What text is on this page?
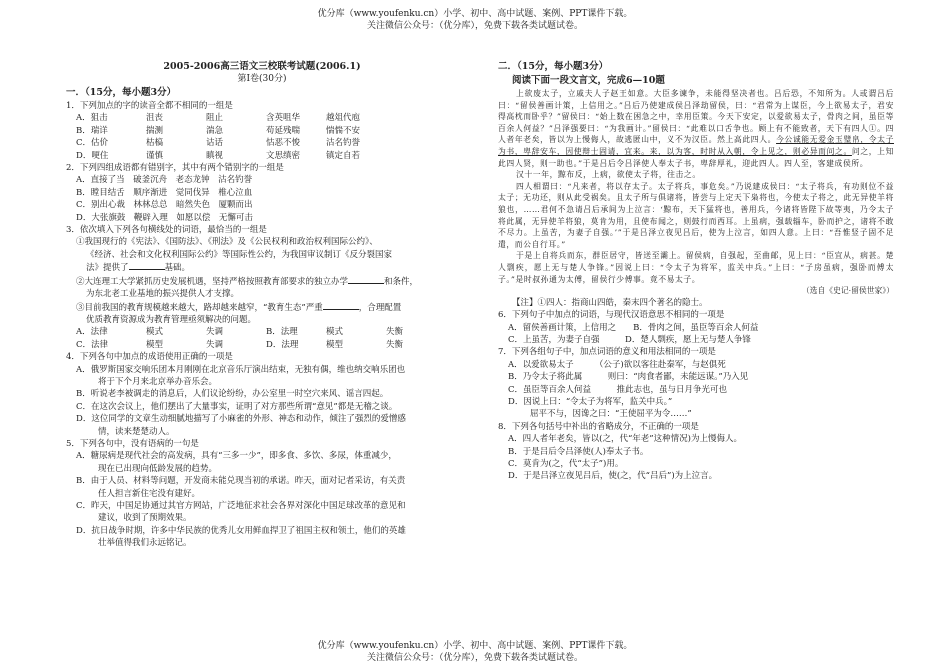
优分库（www.youfenku.cn）小学、初中、高中试题、案例、PPT课件下载。
关注微信公众号：（优分库），免费下载各类试题试卷。
2005-2006高三语文三校联考试题(2006.1)
第Ⅰ卷(30分)
一．（15分，每小题3分）

1．下列加点的字的读音全都不相同的一组是

A．狙击	沮丧	阻止	含英咀华	越俎代庖
B．瑞详	揣测	湍急	苟延残喘	惴惴不安
C．估价	枯槁	诂话	怙恶不悛	沽名钓誉
D．哽住	谨慎	瞋视	文思缜密	镇定自若

2．下列四组成语都有错别字，其中有两个错别字的一组是

A．直接了当　破釜沉舟　老态龙钟　沽名钓誉
B．瞠目结舌　顺序渐进　觉同伐异　椎心泣血
C．别出心裁　林林总总　暗然失色　厦颗而出
D．大张旗鼓　鞭辟入理　如愿以偿　无懈可击

3．依次填入下列各句横线处的词语，最恰当的一组是

①我国现行的《宪法》、《国防法》、《刑法》及《公民权利和政治权利国际公约》、
《经济、社会和文化权利国际公约》等国际性公约，为我国审议制订《反分裂国家
法》提供了	基础。
②大连理工大学紧抓历史发展机遇，坚持严格按照教育部要求的独立办学	和条件，
为东北老工业基地的振兴提供人才支撑。
③目前我国的教育规模越来越大，路却越来越窄，“教育生态”严重	，合理配置
优质教育资源成为教育管理亟须解决的问题。
A．法律	模式	失调	B．法理	模式	失衡
C．法律	模型	失调	D．法理	模型	失衡

4．下列各句中加点的成语使用正确的一项是

A．俄罗斯国家交响乐团本月刚刚在北京音乐厅演出结束，无独有偶，维也纳交响乐团也
将于下个月来北京举办音乐会。
B．听说老李被调走的消息后，人们议论纷纷，办公室里一时空穴来风、谣言四起。
C．在这次会议上，他们摆出了大量事实，证明了对方那些所谓“意见”都是无稽之谈。
D．这位同学的文章生动细腻地描写了小麻雀的外形、神态和动作，倾注了强烈的爱憎感
情，读来楚楚动人。

5．下列各句中，没有语病的一句是

A．糖尿病是现代社会的高发病，具有“三多一少”，即多食、多饮、多尿，体重减少，
现在已出现向低龄发展的趋势。
B．由于人员、材料等问题，开发商未能兑现当初的承诺。昨天，面对记者采访，有关责
任人担言新住宅没有建好。
C．昨天，中国足协通过其官方网站，广泛地征求社会各界对深化中国足球改革的意见和
建议，收到了预期效果。
D．抗日战争时期，许多中华民族的优秀儿女用鲜血捍卫了祖国主权和领土，他们的英雄
壮举值得我们永远铭记。
二．（15分，每小题3分）
阅读下面一段文言文，完成6—10题

上欲废太子，立戚夫人子赵王如意。大臣多谏争，未能得坚决者也。吕后恐，不知所为。人或谓吕后曰：“留侯善画计策，上信用之。”吕后乃使建成侯吕泽劫留侯，曰：“君常为上谋臣，今上欲易太子，君安得高枕而卧乎？”留侯曰：“始上数在困急之中，幸用臣策。今天下安定，以爱欲易太子，骨肉之间，虽臣等百余人何益？”吕泽强要曰：“为我画计。”留侯曰：“此难以口舌争也。顾上有不能致者，天下有四人①。四人者年老矣，皆以为上慢侮人，故逃匿山中，义不为汉臣。然上高此四人。今公诚能无爱金玉璧帛，令太子为书，卑辞安车，因使辩士固请，宜来。来，以为客，时时从入朝，令上见之，则必异而问之。问之，上知此四人贤，则一助也。”于是吕后令吕泽使人奉太子书，卑辞厚礼，迎此四人。四人至，客建成侯所。

汉十一年，黥布反，上病，欲使太子将，往击之。

四人相谓曰：“凡来者，将以存太子。太子将兵，事危矣。”乃说建成侯曰：“太子将兵，有功则位不益太子；无功还，则从此受祸矣。且太子所与俱诸将，皆尝与上定天下枭将也，今使太子将之，此无异使羊将狼也，……君何不急请吕后承间为上泣言：‘黥布，天下猛将也，善用兵，今诸将皆陛下故等夷，乃令太子将此属，无异使羊将狼，莫肯为用，且使布闻之，则鼓行而西耳。上虽病，强载辎车，卧而护之，诸将不敢不尽力。上虽苦，为妻子自强。’”于是吕泽立夜见吕后，使为上泣言，如四人意。上曰：“吾惟竖子固不足遣，而公自行耳。”

于是上自将兵而东，群臣居守，皆送至灞上。留侯病，自强起，至曲邮，见上曰：“臣宜从，病甚。楚人剽疾，愿上无与楚人争锋。”因说上曰：“令太子为将军，监关中兵。”上曰：“子房虽病，强卧而傅太子。”是时叔孙通为太傅，留侯行少傅事。竟不易太子。

（选自《史记·留侯世家》）
【注】①四人：指商山四皓，秦末四个著名的隐士。

6．下列句子中加点的词语，与现代汉语意思不相同的一项是

A．留侯善画计策，上信用之　　B．骨肉之间，虽臣等百余人何益
C．上虽苦，为妻子自强　　　D．楚人剽疾，愿上无与楚人争锋

7．下列各组句子中，加点词语的意义和用法相同的一项是

A．以爱欲易太子　　　（公子)欲以客往赴秦军，与赵俱死
B．乃令太子将此属　　　则曰：“肉食者鄙，未能远谋。”乃入见
C．虽臣等百余人何益　　　推此志也，虽与日月争光可也
D．因说上曰：“令太子为将军，监关中兵。”
屈平不与，因谗之曰：“王使屈平为令……”

8．下列各句括号中补出的省略成分，不正确的一项是

A．四人者年老矣，皆以(之，代“年老”这种情况)为上慢侮人。
B．于是吕后令吕泽使(人)奉太子书。
C．莫肯为(之，代“太子”)用。
D．于是吕泽立夜见吕后，使(之，代“吕后”)为上泣言。
优分库（www.youfenku.cn）小学、初中、高中试题、案例、PPT课件下载。
关注微信公众号：（优分库），免费下载各类试题试卷。
